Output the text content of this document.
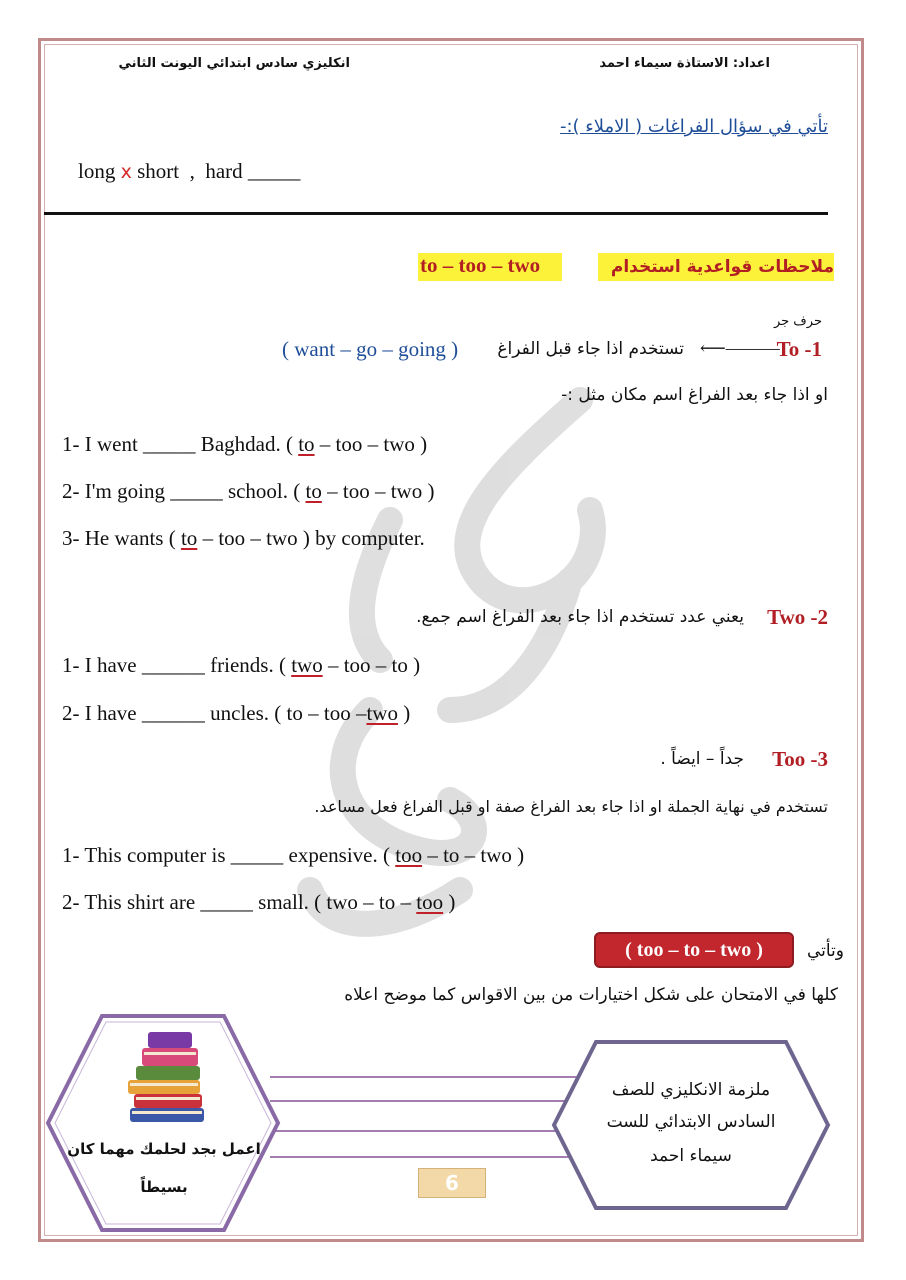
انكليزي سادس ابتدائي اليونت الثاني	اعداد: الاستاذة سيماء احمد
تأتي في سؤال الفراغات ( الاملاء ):-
long x short , hard _____
to – too – two	ملاحظات قواعدية استخدام
حرف جر
To -1
⟵———
تستخدم اذا جاء قبل الفراغ
( want – go – going )
او اذا جاء بعد الفراغ اسم مكان مثل :-
1- I went _____ Baghdad. ( to – too – two )
2- I'm going _____ school. ( to – too – two )
3- He wants ( to – too – two ) by computer.
Two -2
يعني عدد تستخدم اذا جاء بعد الفراغ اسم جمع.
1- I have ______ friends. ( two – too – to )
2- I have ______ uncles. ( to – too –two )
Too -3
جداً – ايضاً .
تستخدم في نهاية الجملة او اذا جاء بعد الفراغ صفة او قبل الفراغ فعل مساعد.
1- This computer is _____ expensive. ( too – to – two )
2- This shirt are _____ small. ( two – to – too )
( too – to – two )	وتأتي
كلها في الامتحان على شكل اختيارات من بين الاقواس كما موضح اعلاه
اعمل بجد لحلمك مهما كان
بسيطاً
ملزمة الانكليزي للصف
السادس الابتدائي للست
سيماء احمد
6
